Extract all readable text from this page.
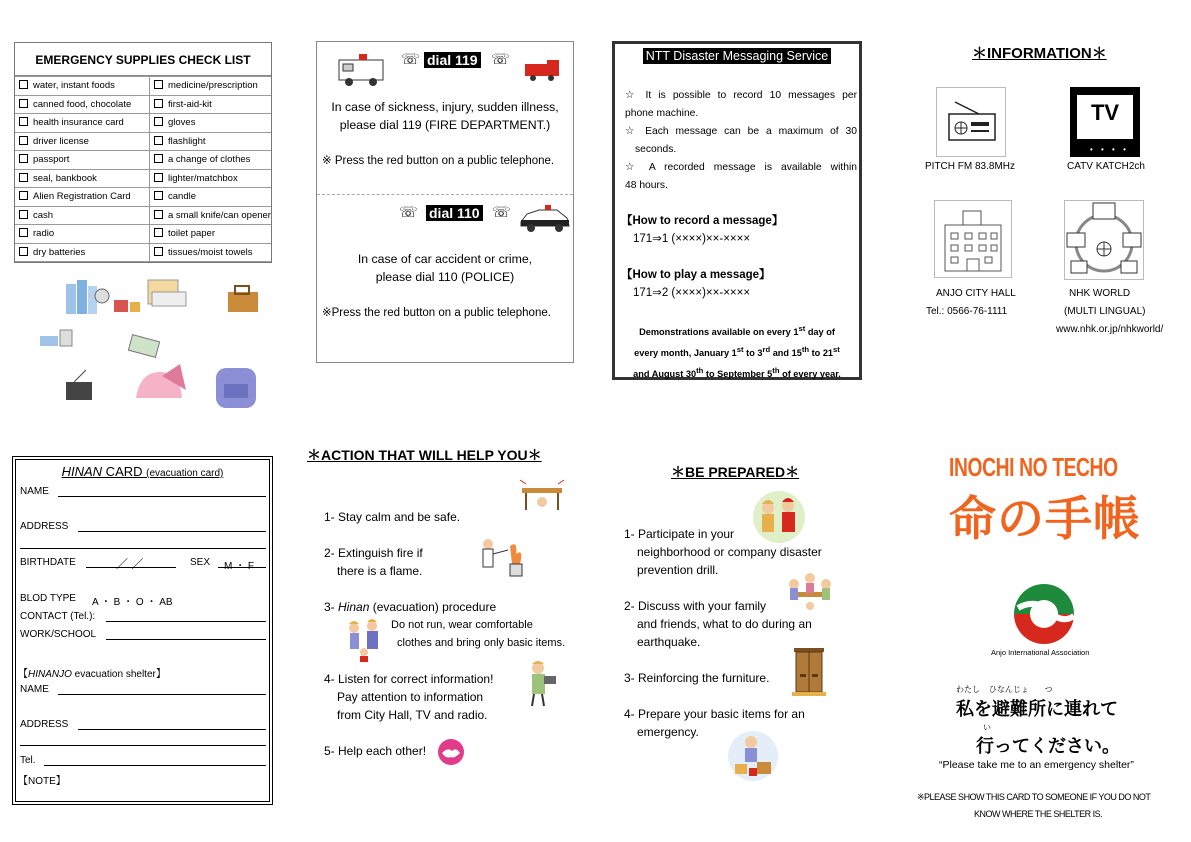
EMERGENCY SUPPLIES CHECK LIST
water, instant foods	medicine/prescription
canned food, chocolate	first-aid-kit
health insurance card	gloves
driver license	flashlight
passport	a change of clothes
seal, bankbook	lighter/matchbox
Alien Registration Card	candle
cash	a small knife/can opener
radio	toilet paper
dry batteries	tissues/moist towels
☏ dial 119 ☏
In case of sickness, injury, sudden illness,
please dial 119 (FIRE DEPARTMENT.)
※ Press the red button on a public telephone.
☏ dial 110 ☏
In case of car accident or crime,
please dial 110 (POLICE)
※Press the red button on a public telephone.
NTT Disaster Messaging Service
☆ It is possible to record 10 messages per
phone machine.
☆ Each message can be a maximum of 30
seconds.
☆ A recorded message is available within
48 hours.
【How to record a message】
171⇒1 (××××)××-××××
【How to play a message】
171⇒2 (××××)××-××××
Demonstrations available on every 1st day of
every month, January 1st to 3rd and 15th to 21st
and August 30th to September 5th of every year.
＊INFORMATION＊
PITCH FM 83.8MHz
TV
• • • •
CATV KATCH2ch
ANJO CITY HALL
Tel.: 0566-76-1111
NHK WORLD
(MULTI LINGUAL)
www.nhk.or.jp/nhkworld/
HINAN CARD (evacuation card)
NAME
ADDRESS
BIRTHDATE	／ ／	SEX M ・ F
BLOD TYPE A ・ B ・ O ・ AB
CONTACT (Tel.):
WORK/SCHOOL
【HINANJO evacuation shelter】
NAME
ADDRESS
Tel.
【NOTE】
＊ACTION THAT WILL HELP YOU＊
1- Stay calm and be safe.
2- Extinguish fire if
there is a flame.
3- Hinan (evacuation) procedure
Do not run, wear comfortable
clothes and bring only basic items.
4- Listen for correct information!
Pay attention to information
from City Hall, TV and radio.
5- Help each other!
＊BE PREPARED＊
1- Participate in your
neighborhood or company disaster
prevention drill.
2- Discuss with your family
and friends, what to do during an
earthquake.
3- Reinforcing the furniture.
4- Prepare your basic items for an
emergency.
INOCHI NO TECHO
命の手帳
Anjo International Association
わたし    ひなんじょ       つ
私を避難所に連れて
い
行ってください。
“Please take me to an emergency shelter”
※PLEASE SHOW THIS CARD TO SOMEONE IF YOU DO NOT
KNOW WHERE THE SHELTER IS.
